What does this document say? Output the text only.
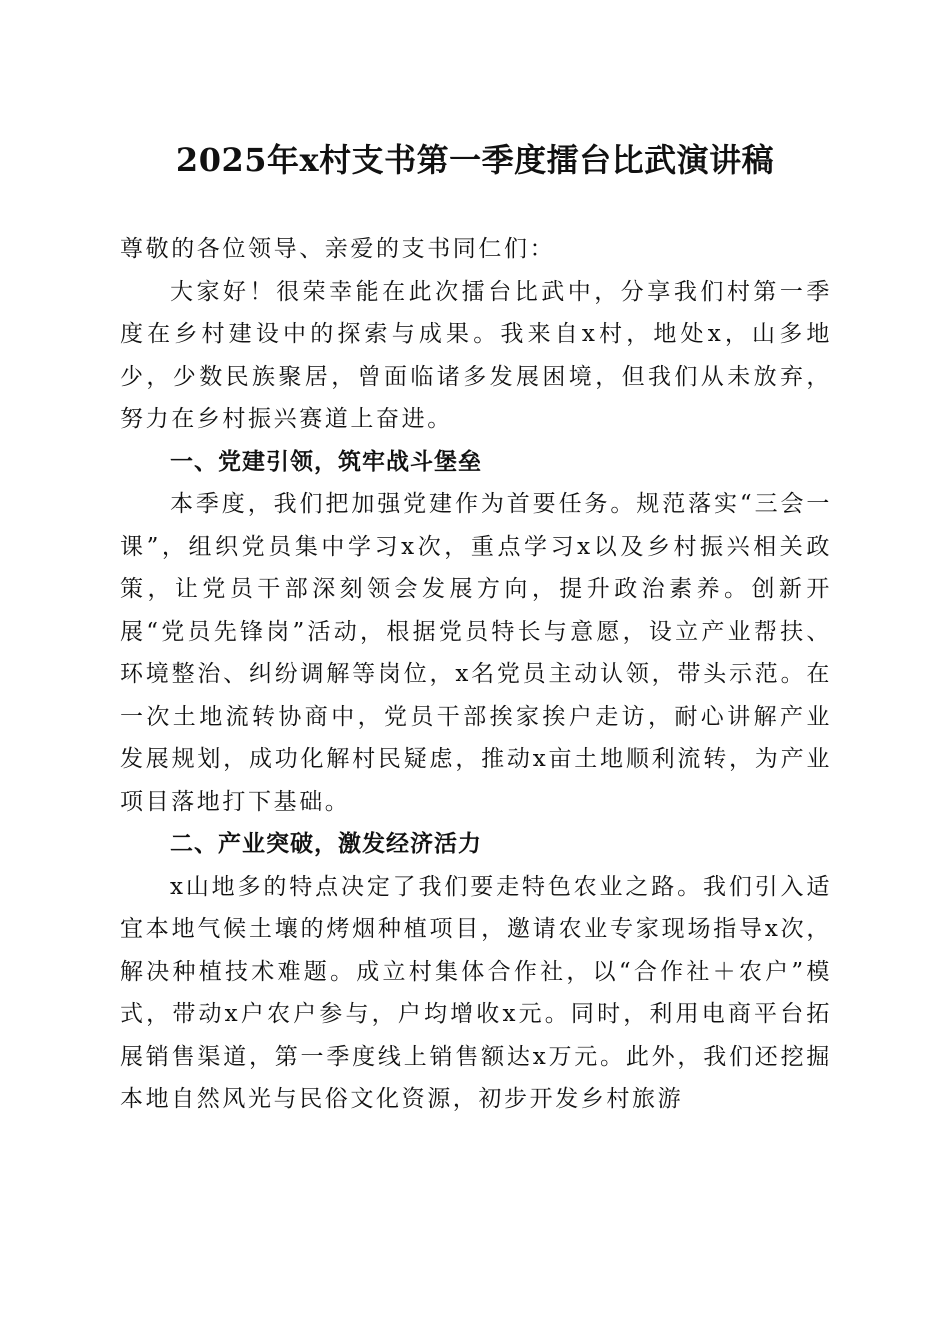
2025年x村支书第一季度擂台比武演讲稿

尊敬的各位领导、亲爱的支书同仁们：

大家好！很荣幸能在此次擂台比武中，分享我们村第一季度在乡村建设中的探索与成果。我来自x村，地处x，山多地少，少数民族聚居，曾面临诸多发展困境，但我们从未放弃，努力在乡村振兴赛道上奋进。

一、党建引领，筑牢战斗堡垒

本季度，我们把加强党建作为首要任务。规范落实“三会一课”，组织党员集中学习x次，重点学习x以及乡村振兴相关政策，让党员干部深刻领会发展方向，提升政治素养。创新开展“党员先锋岗”活动，根据党员特长与意愿，设立产业帮扶、环境整治、纠纷调解等岗位，x名党员主动认领，带头示范。在一次土地流转协商中，党员干部挨家挨户走访，耐心讲解产业发展规划，成功化解村民疑虑，推动x亩土地顺利流转，为产业项目落地打下基础。

二、产业突破，激发经济活力

x山地多的特点决定了我们要走特色农业之路。我们引入适宜本地气候土壤的烤烟种植项目，邀请农业专家现场指导x次，解决种植技术难题。成立村集体合作社，以“合作社＋农户”模式，带动x户农户参与，户均增收x元。同时，利用电商平台拓展销售渠道，第一季度线上销售额达x万元。此外，我们还挖掘本地自然风光与民俗文化资源，初步开发乡村旅游
